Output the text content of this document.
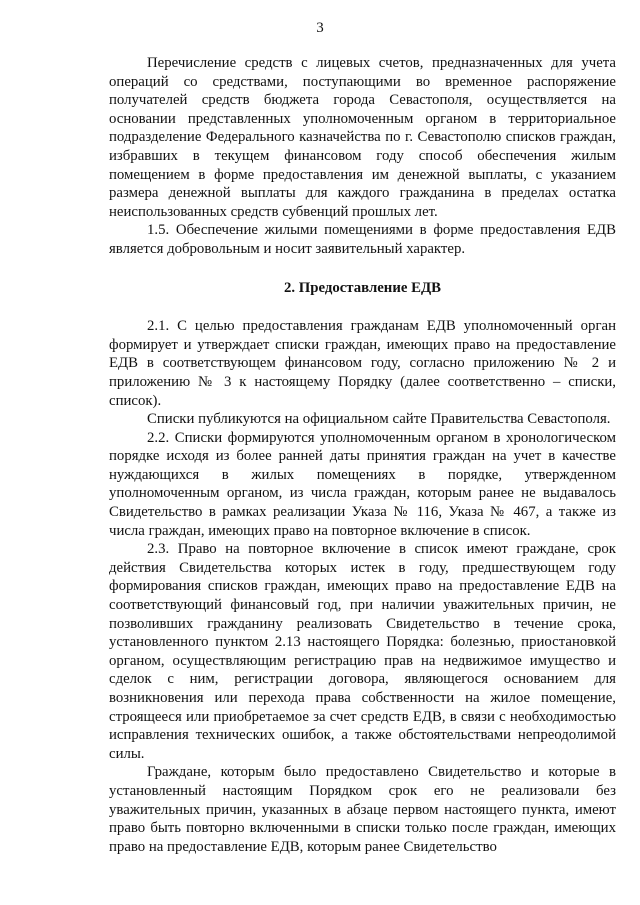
3

Перечисление средств с лицевых счетов, предназначенных для учета операций со средствами, поступающими во временное распоряжение получателей средств бюджета города Севастополя, осуществляется на основании представленных уполномоченным органом в территориальное подразделение Федерального казначейства по г. Севастополю списков граждан, избравших в текущем финансовом году способ обеспечения жилым помещением в форме предоставления им денежной выплаты, с указанием размера денежной выплаты для каждого гражданина в пределах остатка неиспользованных средств субвенций прошлых лет.

1.5. Обеспечение жилыми помещениями в форме предоставления ЕДВ является добровольным и носит заявительный характер.

2. Предоставление ЕДВ

2.1. С целью предоставления гражданам ЕДВ уполномоченный орган формирует и утверждает списки граждан, имеющих право на предоставление ЕДВ в соответствующем финансовом году, согласно приложению № 2 и приложению № 3 к настоящему Порядку (далее соответственно – списки, список).

Списки публикуются на официальном сайте Правительства Севастополя.

2.2. Списки формируются уполномоченным органом в хронологическом порядке исходя из более ранней даты принятия граждан на учет в качестве нуждающихся в жилых помещениях в порядке, утвержденном уполномоченным органом, из числа граждан, которым ранее не выдавалось Свидетельство в рамках реализации Указа № 116, Указа № 467, а также из числа граждан, имеющих право на повторное включение в список.

2.3. Право на повторное включение в список имеют граждане, срок действия Свидетельства которых истек в году, предшествующем году формирования списков граждан, имеющих право на предоставление ЕДВ на соответствующий финансовый год, при наличии уважительных причин, не позволивших гражданину реализовать Свидетельство в течение срока, установленного пунктом 2.13 настоящего Порядка: болезнью, приостановкой органом, осуществляющим регистрацию прав на недвижимое имущество и сделок с ним, регистрации договора, являющегося основанием для возникновения или перехода права собственности на жилое помещение, строящееся или приобретаемое за счет средств ЕДВ, в связи с необходимостью исправления технических ошибок, а также обстоятельствами непреодолимой силы.

Граждане, которым было предоставлено Свидетельство и которые в установленный настоящим Порядком срок его не реализовали без уважительных причин, указанных в абзаце первом настоящего пункта, имеют право быть повторно включенными в списки только после граждан, имеющих право на предоставление ЕДВ, которым ранее Свидетельство
